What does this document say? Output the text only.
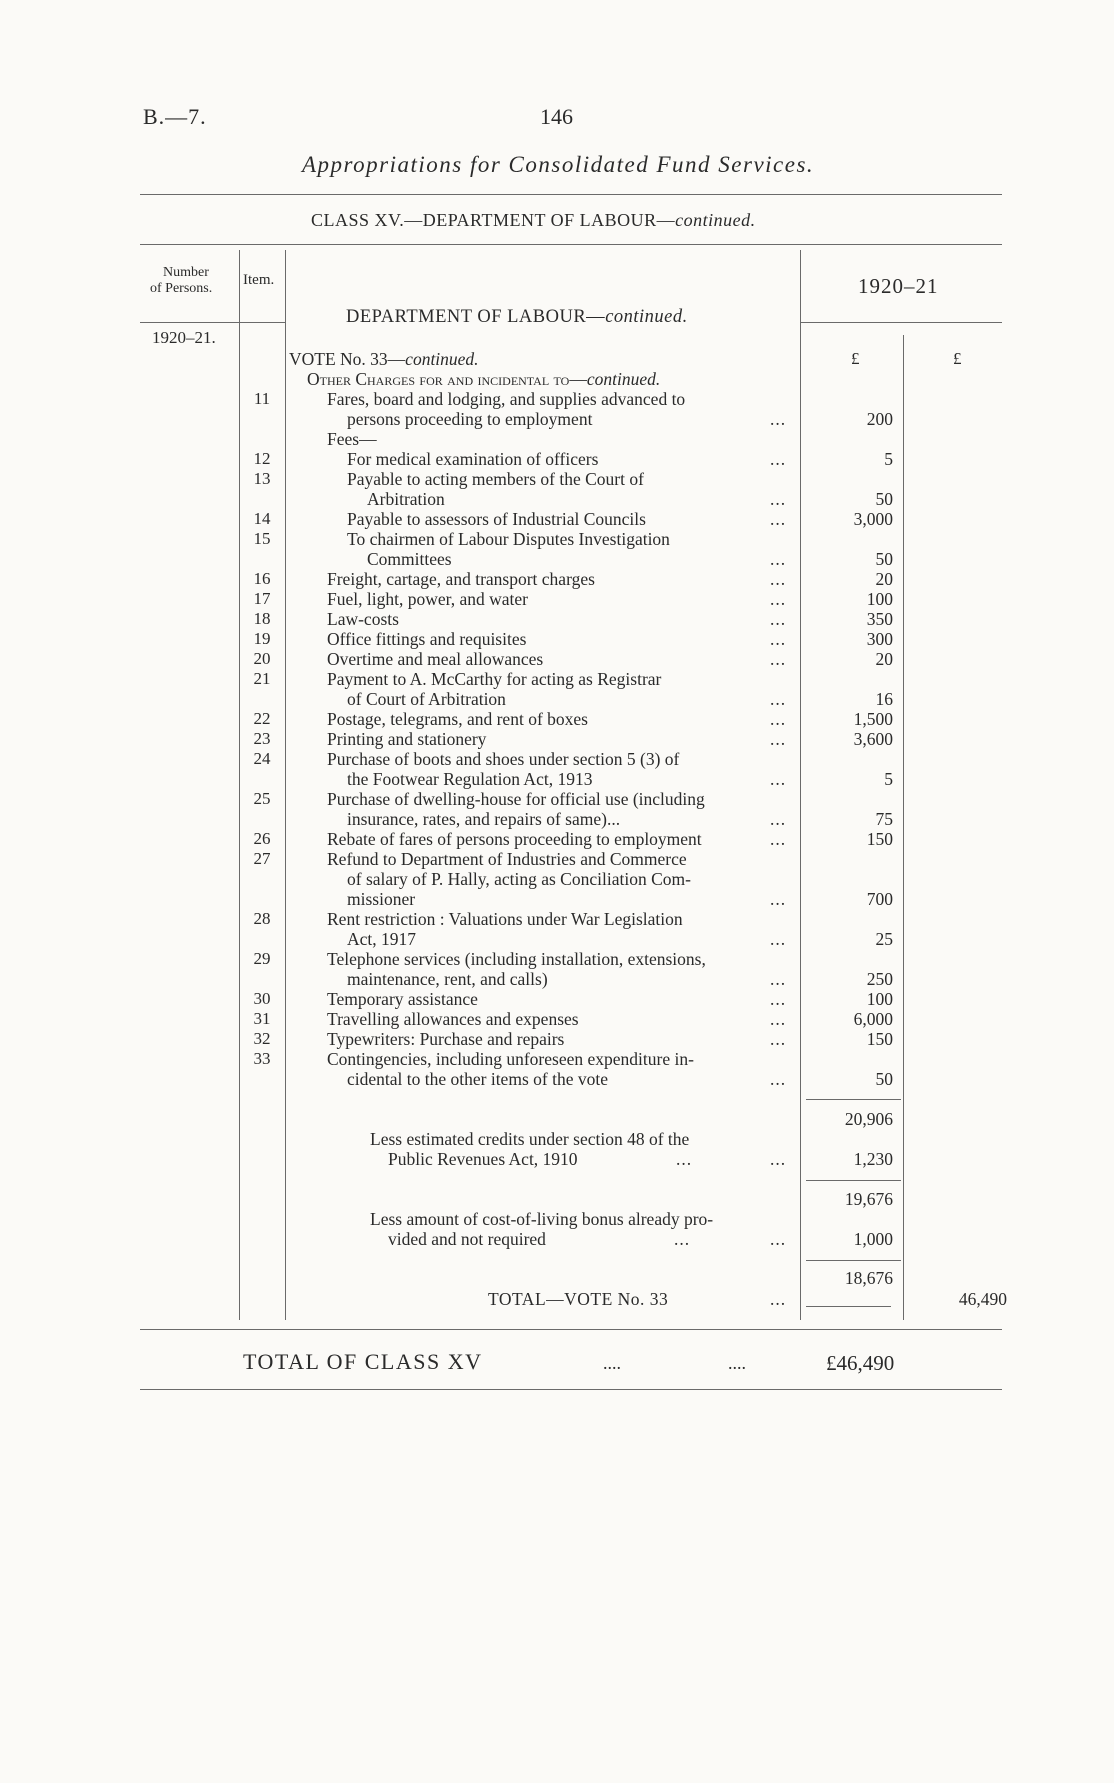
B.—7.	146
Appropriations for Consolidated Fund Services.
CLASS XV.—DEPARTMENT OF LABOUR—continued.
Number
of Persons.
Item.	1920–21
1920–21.
DEPARTMENT OF LABOUR—continued.
VOTE No. 33—continued.	£	£
Other Charges for and incidental to—continued.
11	Fares, board and lodging, and supplies advanced to
persons proceeding to employment	...	200
Fees—
12	For medical examination of officers	...	5
13	Payable to acting members of the Court of
Arbitration	...	50
14	Payable to assessors of Industrial Councils	...	3,000
15	To chairmen of Labour Disputes Investigation
Committees	...	50
16	Freight, cartage, and transport charges	...	20
17	Fuel, light, power, and water	...	100
18	Law-costs	...	350
19	Office fittings and requisites	...	300
20	Overtime and meal allowances	...	20
21	Payment to A. McCarthy for acting as Registrar
of Court of Arbitration	...	16
22	Postage, telegrams, and rent of boxes	...	1,500
23	Printing and stationery	...	3,600
24	Purchase of boots and shoes under section 5 (3) of
the Footwear Regulation Act, 1913	...	5
25	Purchase of dwelling-house for official use (including
insurance, rates, and repairs of same)...	...	75
26	Rebate of fares of persons proceeding to employment	...	150
27	Refund to Department of Industries and Commerce
of salary of P. Hally, acting as Conciliation Com-
missioner	...	700
28	Rent restriction : Valuations under War Legislation
Act, 1917	...	25
29	Telephone services (including installation, extensions,
maintenance, rent, and calls)	...	250
30	Temporary assistance	...	100
31	Travelling allowances and expenses	...	6,000
32	Typewriters: Purchase and repairs	...	150
33	Contingencies, including unforeseen expenditure in-
cidental to the other items of the vote	...	50
20,906
Less estimated credits under section 48 of the
Public Revenues Act, 1910	...	...	1,230
19,676
Less amount of cost-of-living bonus already pro-
vided and not required	...	...	1,000
18,676
TOTAL—VOTE No. 33	...	46,490
TOTAL OF CLASS XV	....	....	£46,490
